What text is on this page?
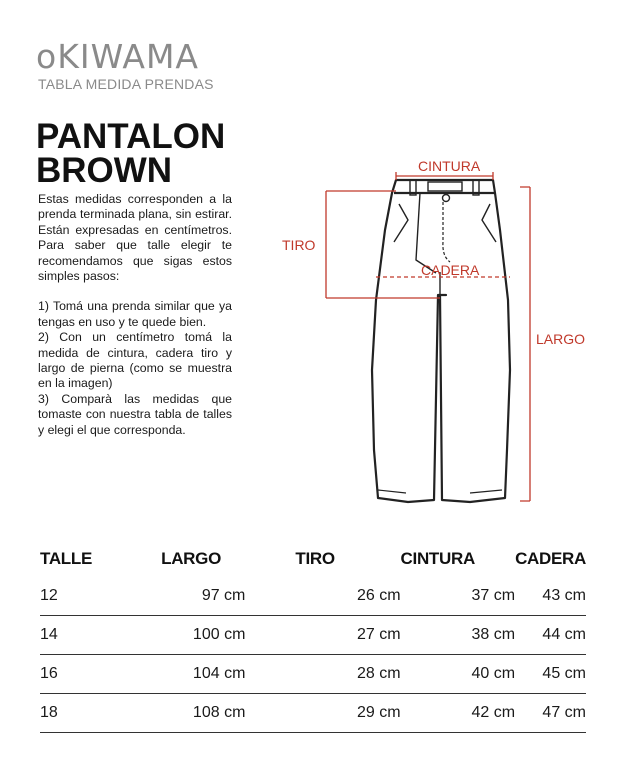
oKIWAMA
TABLA MEDIDA PRENDAS
PANTALON
BROWN

Estas medidas corresponden a la prenda terminada plana, sin estirar. Están expresadas en centímetros. Para saber que talle elegir te recomendamos que sigas estos simples pasos:

1) Tomá una prenda similar que ya tengas en uso y te quede bien.

2) Con un centímetro tomá la medida de cintura, cadera tiro y largo de pierna (como se muestra en la imagen)

3) Comparà las medidas que tomaste con nuestra tabla de talles y elegi el que corresponda.

CINTURA
TIRO
CADERA
LARGO
TALLE	LARGO	TIRO	CINTURA	CADERA
12	97 cm	26 cm	37 cm	43 cm
14	100 cm	27 cm	38 cm	44 cm
16	104 cm	28 cm	40 cm	45 cm
18	108 cm	29 cm	42 cm	47 cm
